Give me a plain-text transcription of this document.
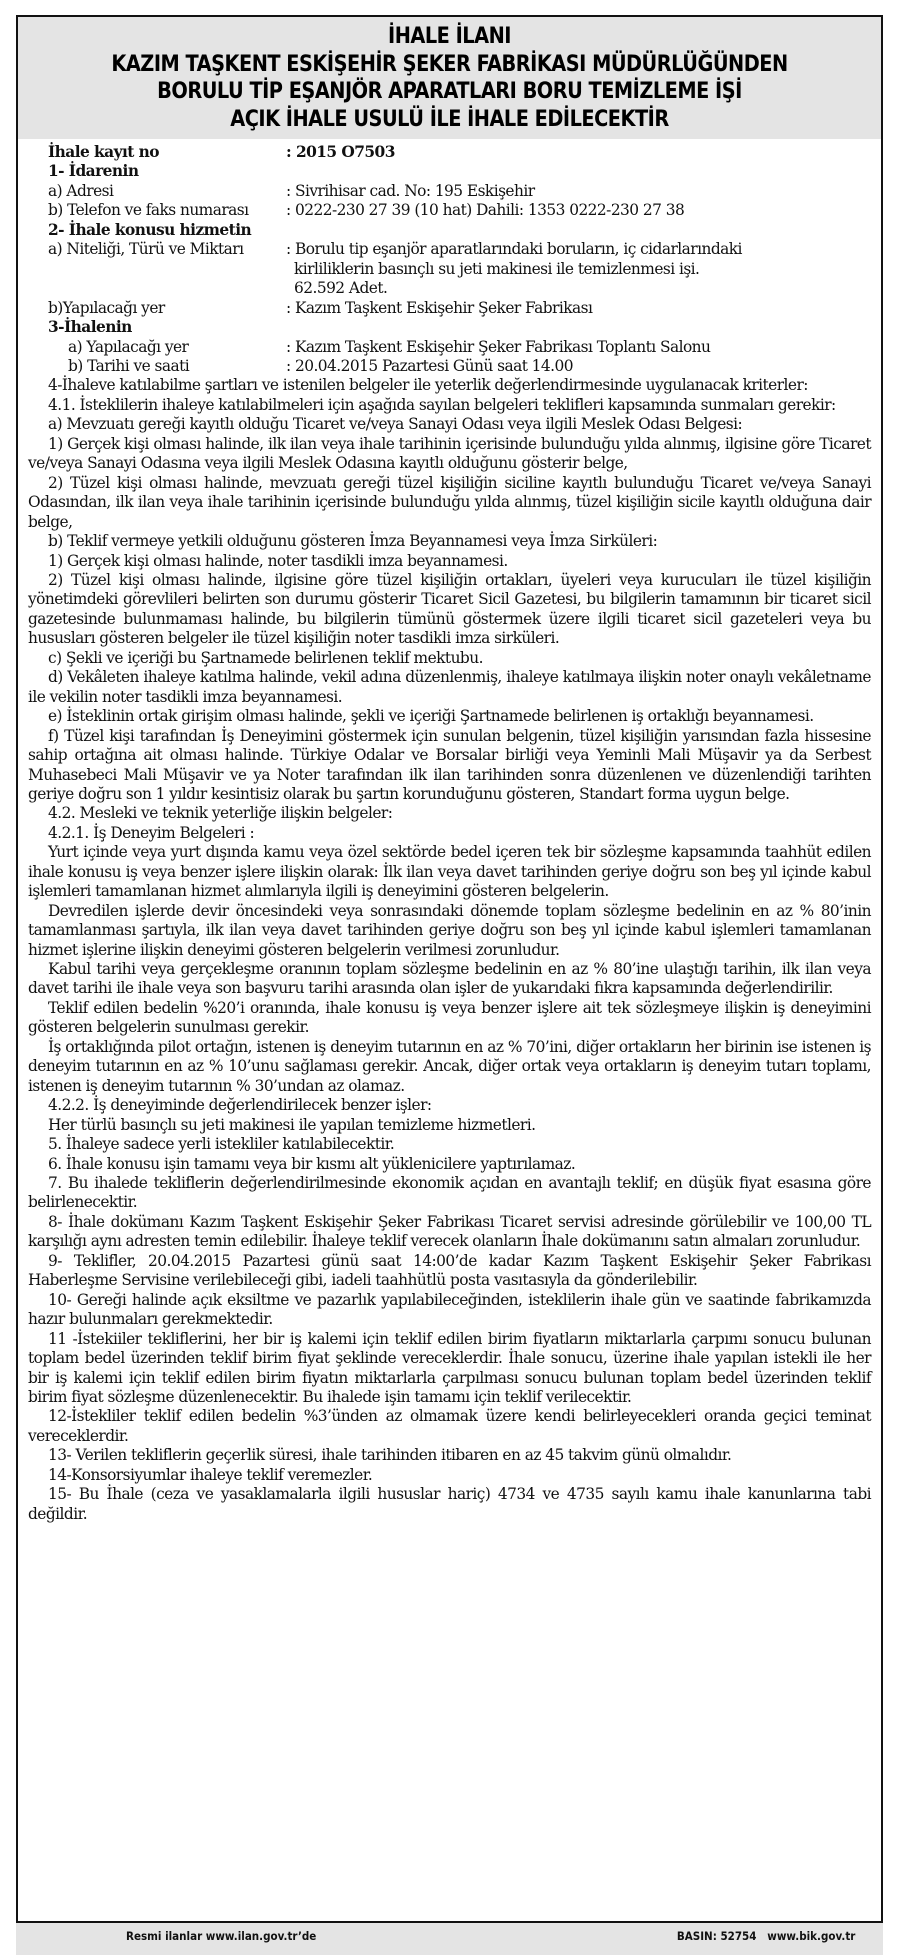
İHALE İLANI
KAZIM TAŞKENT ESKİŞEHİR ŞEKER FABRİKASI MÜDÜRLÜĞÜNDEN
BORULU TİP EŞANJÖR APARATLARI BORU TEMİZLEME İŞİ
AÇIK İHALE USULÜ İLE İHALE EDİLECEKTİR
İhale kayıt no	: 2015 O7503
1- İdarenin
a) Adresi	: Sivrihisar cad. No: 195 Eskişehir
b) Telefon ve faks numarası	: 0222-230 27 39 (10 hat) Dahili: 1353 0222-230 27 38
2- İhale konusu hizmetin
a) Niteliği, Türü ve Miktarı	: Borulu tip eşanjör aparatlarındaki boruların, iç cidarlarındaki
kirliliklerin basınçlı su jeti makinesi ile temizlenmesi işi.
62.592 Adet.
b)Yapılacağı yer	: Kazım Taşkent Eskişehir Şeker Fabrikası
3-İhalenin
a) Yapılacağı yer	: Kazım Taşkent Eskişehir Şeker Fabrikası Toplantı Salonu
b) Tarihi ve saati	: 20.04.2015 Pazartesi Günü saat 14.00

4-İhaleve katılabilme şartları ve istenilen belgeler ile yeterlik değerlendirmesinde uygulanacak kriterler:

4.1. İsteklilerin ihaleye katılabilmeleri için aşağıda sayılan belgeleri teklifleri kapsamında sunmaları gerekir:

a) Mevzuatı gereği kayıtlı olduğu Ticaret ve/veya Sanayi Odası veya ilgili Meslek Odası Belgesi:

1) Gerçek kişi olması halinde, ilk ilan veya ihale tarihinin içerisinde bulunduğu yılda alınmış, ilgisine göre Ticaret ve/veya Sanayi Odasına veya ilgili Meslek Odasına kayıtlı olduğunu gösterir belge,

2) Tüzel kişi olması halinde, mevzuatı gereği tüzel kişiliğin siciline kayıtlı bulunduğu Ticaret ve/veya Sanayi Odasından, ilk ilan veya ihale tarihinin içerisinde bulunduğu yılda alınmış, tüzel kişiliğin sicile kayıtlı olduğuna dair belge,

b) Teklif vermeye yetkili olduğunu gösteren İmza Beyannamesi veya İmza Sirküleri:

1) Gerçek kişi olması halinde, noter tasdikli imza beyannamesi.

2) Tüzel kişi olması halinde, ilgisine göre tüzel kişiliğin ortakları, üyeleri veya kurucuları ile tüzel kişiliğin yönetimdeki görevlileri belirten son durumu gösterir Ticaret Sicil Gazetesi, bu bilgilerin tamamının bir ticaret sicil gazetesinde bulunmaması halinde, bu bilgilerin tümünü göstermek üzere ilgili ticaret sicil gazeteleri veya bu hususları gösteren belgeler ile tüzel kişiliğin noter tasdikli imza sirküleri.

c) Şekli ve içeriği bu Şartnamede belirlenen teklif mektubu.

d) Vekâleten ihaleye katılma halinde, vekil adına düzenlenmiş, ihaleye katılmaya ilişkin noter onaylı vekâletname ile vekilin noter tasdikli imza beyannamesi.

e) İsteklinin ortak girişim olması halinde, şekli ve içeriği Şartnamede belirlenen iş ortaklığı beyannamesi.

f) Tüzel kişi tarafından İş Deneyimini göstermek için sunulan belgenin, tüzel kişiliğin yarısından fazla hissesine sahip ortağına ait olması halinde. Türkiye Odalar ve Borsalar birliği veya Yeminli Mali Müşavir ya da Serbest Muhasebeci Mali Müşavir ve ya Noter tarafından ilk ilan tarihinden sonra düzenlenen ve düzenlendiği tarihten geriye doğru son 1 yıldır kesintisiz olarak bu şartın korunduğunu gösteren, Standart forma uygun belge.

4.2. Mesleki ve teknik yeterliğe ilişkin belgeler:

4.2.1. İş Deneyim Belgeleri :

Yurt içinde veya yurt dışında kamu veya özel sektörde bedel içeren tek bir sözleşme kapsamında taahhüt edilen ihale konusu iş veya benzer işlere ilişkin olarak: İlk ilan veya davet tarihinden geriye doğru son beş yıl içinde kabul işlemleri tamamlanan hizmet alımlarıyla ilgili iş deneyimini gösteren belgelerin.

Devredilen işlerde devir öncesindeki veya sonrasındaki dönemde toplam sözleşme bedelinin en az % 80’inin tamamlanması şartıyla, ilk ilan veya davet tarihinden geriye doğru son beş yıl içinde kabul işlemleri tamamlanan hizmet işlerine ilişkin deneyimi gösteren belgelerin verilmesi zorunludur.

Kabul tarihi veya gerçekleşme oranının toplam sözleşme bedelinin en az % 80’ine ulaştığı tarihin, ilk ilan veya davet tarihi ile ihale veya son başvuru tarihi arasında olan işler de yukarıdaki fıkra kapsamında değerlendirilir.

Teklif edilen bedelin %20’i oranında, ihale konusu iş veya benzer işlere ait tek sözleşmeye ilişkin iş deneyimini gösteren belgelerin sunulması gerekir.

İş ortaklığında pilot ortağın, istenen iş deneyim tutarının en az % 70’ini, diğer ortakların her birinin ise istenen iş deneyim tutarının en az % 10’unu sağlaması gerekir. Ancak, diğer ortak veya ortakların iş deneyim tutarı toplamı, istenen iş deneyim tutarının % 30’undan az olamaz.

4.2.2. İş deneyiminde değerlendirilecek benzer işler:

Her türlü basınçlı su jeti makinesi ile yapılan temizleme hizmetleri.

5. İhaleye sadece yerli istekliler katılabilecektir.

6. İhale konusu işin tamamı veya bir kısmı alt yüklenicilere yaptırılamaz.

7. Bu ihalede tekliflerin değerlendirilmesinde ekonomik açıdan en avantajlı teklif; en düşük fiyat esasına göre belirlenecektir.

8- İhale dokümanı Kazım Taşkent Eskişehir Şeker Fabrikası Ticaret servisi adresinde görülebilir ve 100,00 TL karşılığı aynı adresten temin edilebilir. İhaleye teklif verecek olanların İhale dokümanını satın almaları zorunludur.

9- Teklifler, 20.04.2015 Pazartesi günü saat 14:00’de kadar Kazım Taşkent Eskişehir Şeker Fabrikası Haberleşme Servisine verilebileceği gibi, iadeli taahhütlü posta vasıtasıyla da gönderilebilir.

10- Gereği halinde açık eksiltme ve pazarlık yapılabileceğinden, isteklilerin ihale gün ve saatinde fabrikamızda hazır bulunmaları gerekmektedir.

11 -İstekiiler tekliflerini, her bir iş kalemi için teklif edilen birim fiyatların miktarlarla çarpımı sonucu bulunan toplam bedel üzerinden teklif birim fiyat şeklinde vereceklerdir. İhale sonucu, üzerine ihale yapılan istekli ile her bir iş kalemi için teklif edilen birim fiyatın miktarlarla çarpılması sonucu bulunan toplam bedel üzerinden teklif birim fiyat sözleşme düzenlenecektir. Bu ihalede işin tamamı için teklif verilecektir.

12-İstekliler teklif edilen bedelin %3’ünden az olmamak üzere kendi belirleyecekleri oranda geçici teminat vereceklerdir.

13- Verilen tekliflerin geçerlik süresi, ihale tarihinden itibaren en az 45 takvim günü olmalıdır.

14-Konsorsiyumlar ihaleye teklif veremezler.

15- Bu İhale (ceza ve yasaklamalarla ilgili hususlar hariç) 4734 ve 4735 sayılı kamu ihale kanunlarına tabi değildir.

Resmi ilanlar www.ilan.gov.tr’de	BASIN: 52754   www.bik.gov.tr
